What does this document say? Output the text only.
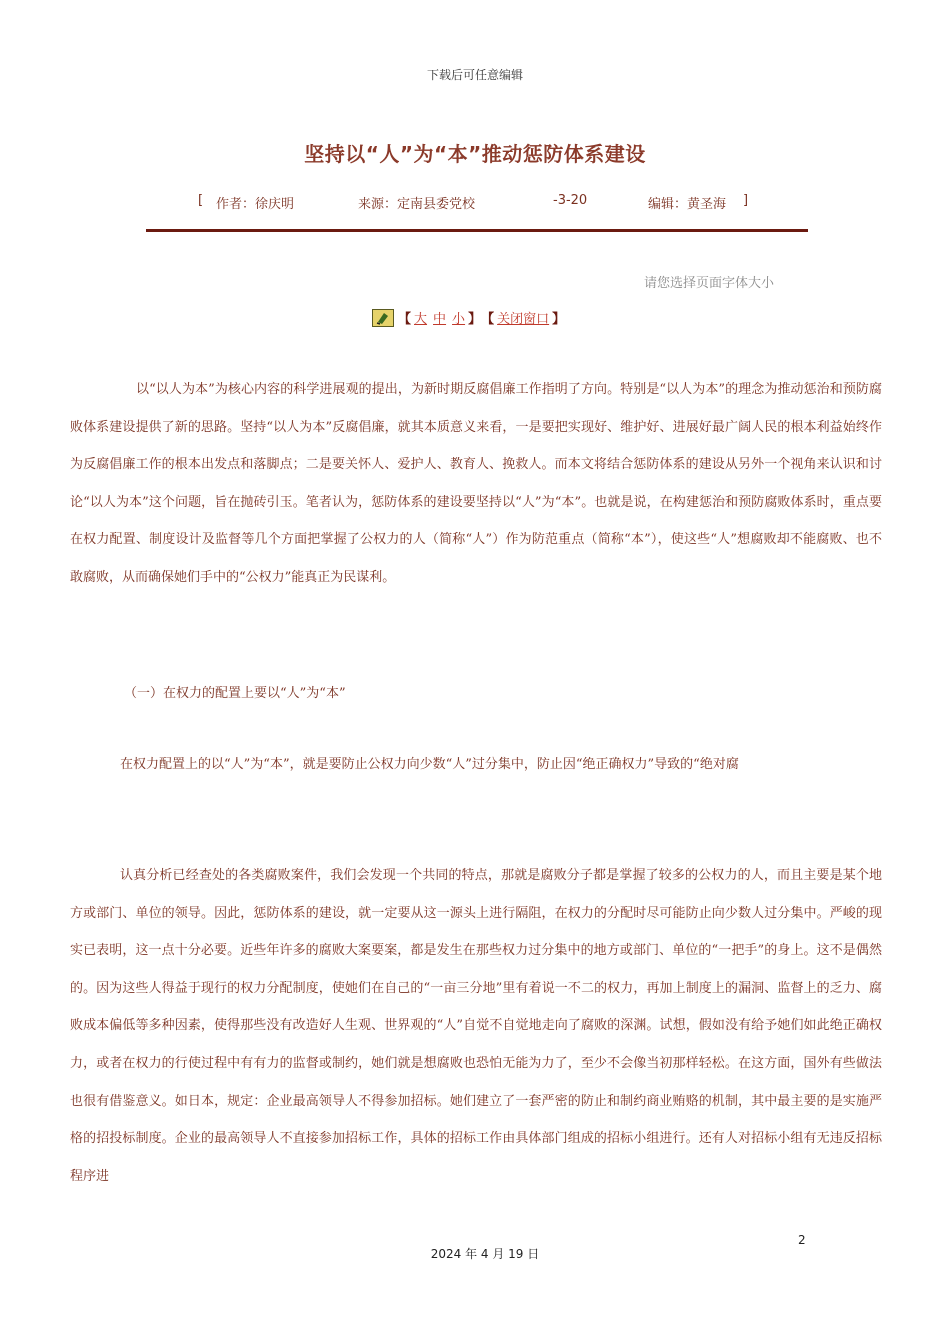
下载后可任意编辑
坚持以“人”为“本”推动惩防体系建设
[ 作者：徐庆明	来源：定南县委党校	-3-20	编辑：黄圣海 ]
请您选择页面字体大小
【 大 中 小 】 【 关闭窗口 】
以“以人为本”为核心内容的科学进展观的提出，为新时期反腐倡廉工作指明了方向。特别是“以人为本”的理念为推动惩治和预防腐败体系建设提供了新的思路。坚持“以人为本”反腐倡廉，就其本质意义来看，一是要把实现好、维护好、进展好最广阔人民的根本利益始终作为反腐倡廉工作的根本出发点和落脚点；二是要关怀人、爱护人、教育人、挽救人。而本文将结合惩防体系的建设从另外一个视角来认识和讨论“以人为本”这个问题，旨在抛砖引玉。笔者认为，惩防体系的建设要坚持以“人”为“本”。也就是说，在构建惩治和预防腐败体系时，重点要在权力配置、制度设计及监督等几个方面把掌握了公权力的人（简称“人”）作为防范重点（简称“本”），使这些“人”想腐败却不能腐败、也不敢腐败，从而确保她们手中的“公权力”能真正为民谋利。
（一）在权力的配置上要以“人”为“本”
在权力配置上的以“人”为“本”，就是要防止公权力向少数“人”过分集中，防止因“绝正确权力”导致的“绝对腐
认真分析已经查处的各类腐败案件，我们会发现一个共同的特点，那就是腐败分子都是掌握了较多的公权力的人，而且主要是某个地方或部门、单位的领导。因此，惩防体系的建设，就一定要从这一源头上进行隔阻，在权力的分配时尽可能防止向少数人过分集中。严峻的现实已表明，这一点十分必要。近些年许多的腐败大案要案，都是发生在那些权力过分集中的地方或部门、单位的“一把手”的身上。这不是偶然的。因为这些人得益于现行的权力分配制度，使她们在自己的“一亩三分地”里有着说一不二的权力，再加上制度上的漏洞、监督上的乏力、腐败成本偏低等多种因素，使得那些没有改造好人生观、世界观的“人”自觉不自觉地走向了腐败的深渊。试想，假如没有给予她们如此绝正确权力，或者在权力的行使过程中有有力的监督或制约，她们就是想腐败也恐怕无能为力了，至少不会像当初那样轻松。在这方面，国外有些做法也很有借鉴意义。如日本，规定：企业最高领导人不得参加招标。她们建立了一套严密的防止和制约商业贿赂的机制，其中最主要的是实施严格的招投标制度。企业的最高领导人不直接参加招标工作，具体的招标工作由具体部门组成的招标小组进行。还有人对招标小组有无违反招标程序进
2
2024 年 4 月 19 日
